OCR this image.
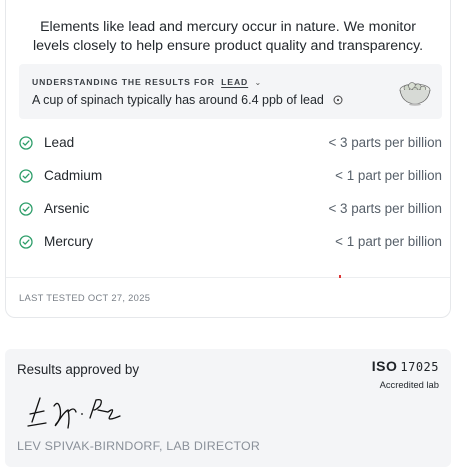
Elements like lead and mercury occur in nature. We monitor levels closely to help ensure product quality and transparency.
UNDERSTANDING THE RESULTS FOR LEAD ⌄
A cup of spinach typically has around 6.4 ppb of lead
Lead	< 3 parts per billion
Cadmium	< 1 part per billion
Arsenic	< 3 parts per billion
Mercury	< 1 part per billion
LAST TESTED OCT 27, 2025
Results approved by	ISO 17025
Accredited lab
LEV SPIVAK-BIRNDORF, LAB DIRECTOR
